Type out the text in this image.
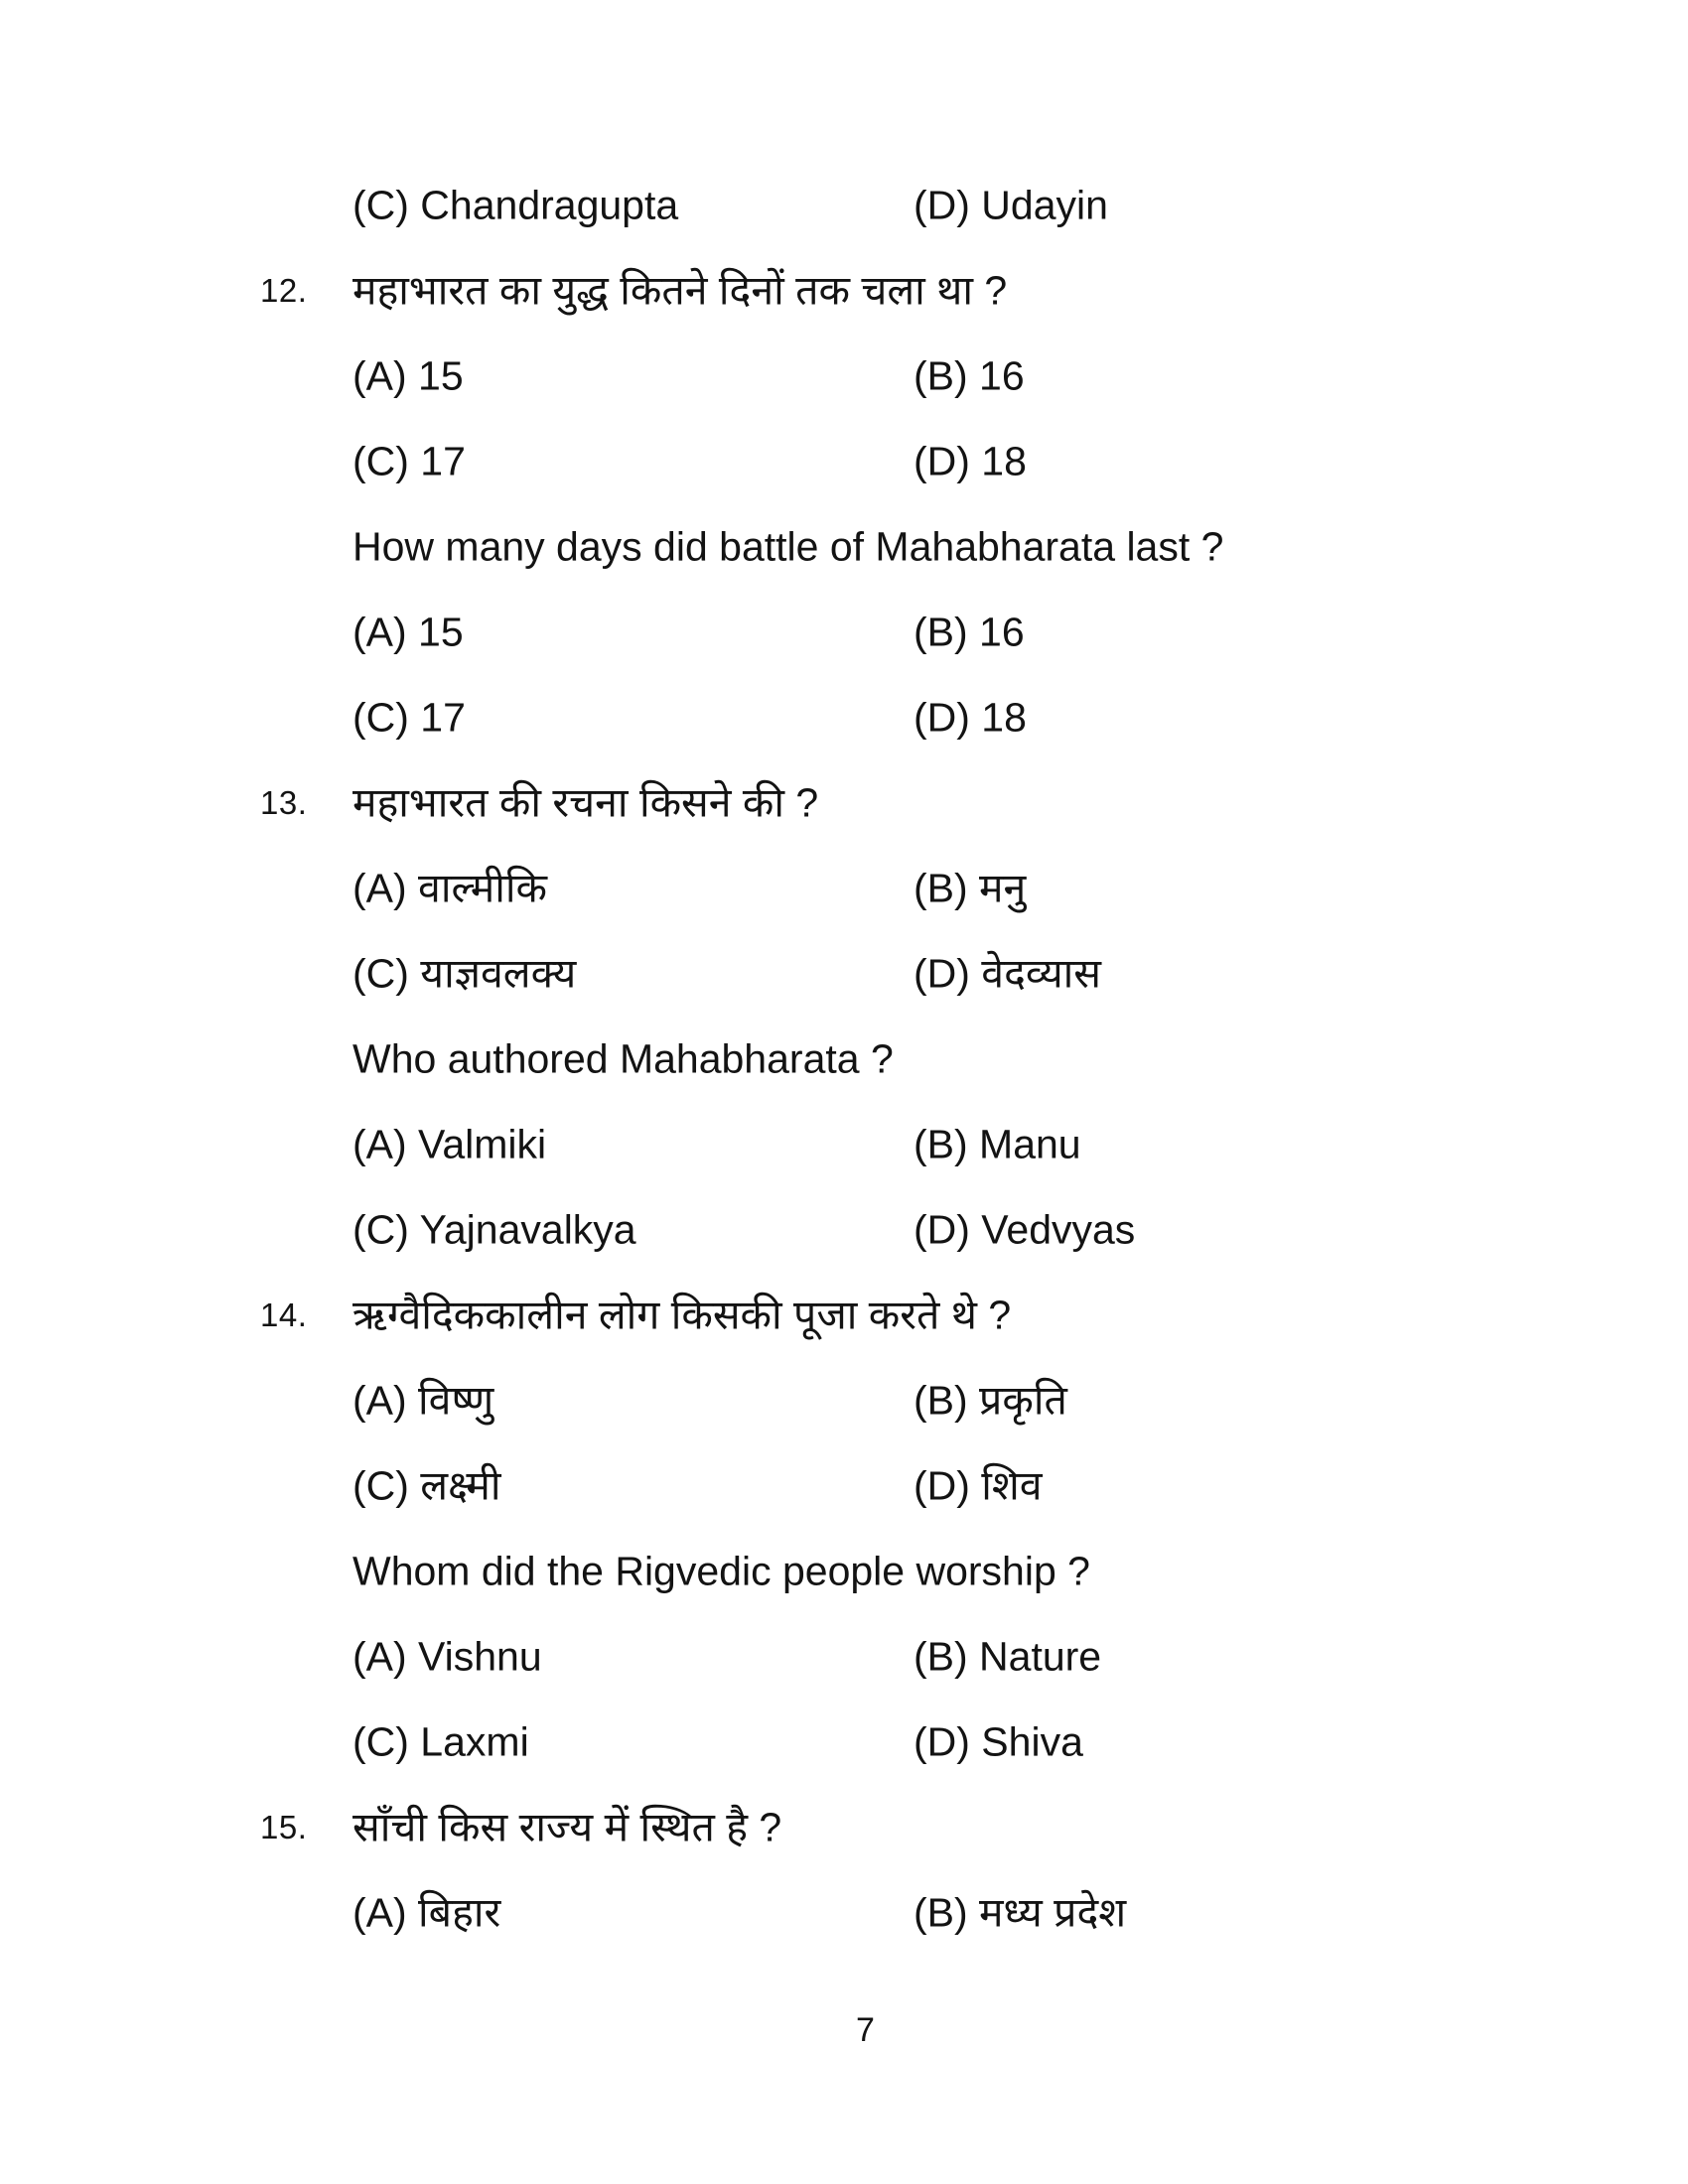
(C) Chandragupta	(D) Udayin
12. महाभारत का युद्ध कितने दिनों तक चला था ?
(A) 15	(B) 16
(C) 17	(D) 18
How many days did battle of Mahabharata last ?
(A) 15	(B) 16
(C) 17	(D) 18
13. महाभारत की रचना किसने की ?
(A) वाल्मीकि	(B) मनु
(C) याज्ञवलक्य	(D) वेदव्यास
Who authored Mahabharata ?
(A) Valmiki	(B) Manu
(C) Yajnavalkya	(D) Vedvyas
14. ऋग्वैदिककालीन लोग किसकी पूजा करते थे ?
(A) विष्णु	(B) प्रकृति
(C) लक्ष्मी	(D) शिव
Whom did the Rigvedic people worship ?
(A) Vishnu	(B) Nature
(C) Laxmi	(D) Shiva
15. साँची किस राज्य में स्थित है ?
(A) बिहार	(B) मध्य प्रदेश
7
